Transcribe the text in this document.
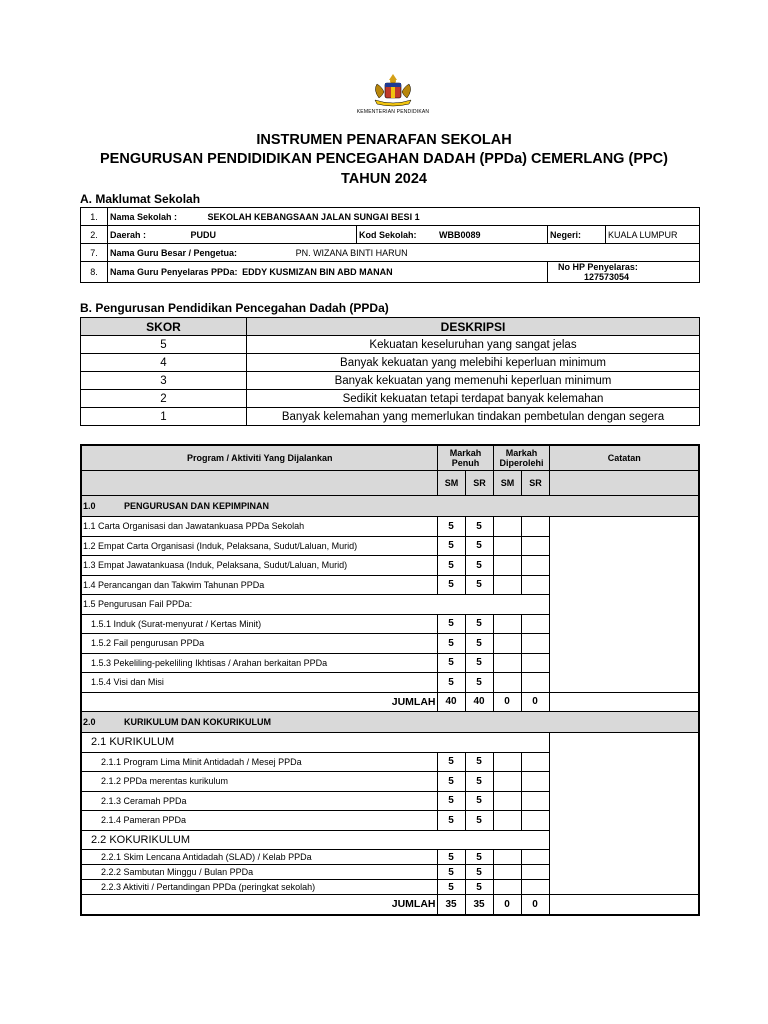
KEMENTERIAN PENDIDIKAN
INSTRUMEN PENARAFAN SEKOLAH
PENGURUSAN PENDIDIDIKAN PENCEGAHAN DADAH (PPDa) CEMERLANG (PPC)
TAHUN 2024
A. Maklumat Sekolah
1.	Nama Sekolah : SEKOLAH KEBANGSAAN JALAN SUNGAI BESI 1			
2.	Daerah : PUDU	Kod Sekolah: WBB0089	Negeri:	KUALA LUMPUR
7.	Nama Guru Besar / Pengetua: PN. WIZANA BINTI HARUN			
8.	Nama Guru Penyelaras PPDa: EDDY KUSMIZAN BIN ABD MANAN		No HP Penyelaras: 127573054	
B. Pengurusan Pendidikan Pencegahan Dadah (PPDa)
SKOR	DESKRIPSI
5	Kekuatan keseluruhan yang sangat jelas
4	Banyak kekuatan yang melebihi keperluan minimum
3	Banyak kekuatan yang memenuhi keperluan minimum
2	Sedikit kekuatan tetapi terdapat banyak kelemahan
1	Banyak kelemahan yang memerlukan tindakan pembetulan dengan segera
Program / Aktiviti Yang Dijalankan	Markah Penuh		Markah Diperolehi		Catatan
	SM	SR	SM	SR	
1.0 PENGURUSAN DAN KEPIMPINAN					
1.1 Carta Organisasi dan Jawatankuasa PPDa Sekolah	5	5			
1.2 Empat Carta Organisasi (Induk, Pelaksana, Sudut/Laluan, Murid)	5	5			
1.3 Empat Jawatankuasa (Induk, Pelaksana, Sudut/Laluan, Murid)	5	5			
1.4 Perancangan dan Takwim Tahunan PPDa	5	5			
1.5 Pengurusan Fail PPDa:					
1.5.1 Induk (Surat-menyurat / Kertas Minit)	5	5			
1.5.2 Fail pengurusan PPDa	5	5			
1.5.3 Pekeliling-pekeliling Ikhtisas / Arahan berkaitan PPDa	5	5			
1.5.4 Visi dan Misi	5	5			
JUMLAH	40	40	0	0	
2.0 KURIKULUM DAN KOKURIKULUM					
2.1 KURIKULUM					
2.1.1 Program Lima Minit Antidadah / Mesej PPDa	5	5			
2.1.2 PPDa merentas kurikulum	5	5			
2.1.3 Ceramah PPDa	5	5			
2.1.4 Pameran PPDa	5	5			
2.2 KOKURIKULUM					
2.2.1 Skim Lencana Antidadah (SLAD) / Kelab PPDa	5	5			
2.2.2 Sambutan Minggu / Bulan PPDa	5	5			
2.2.3 Aktiviti / Pertandingan PPDa (peringkat sekolah)	5	5			
JUMLAH	35	35	0	0	
